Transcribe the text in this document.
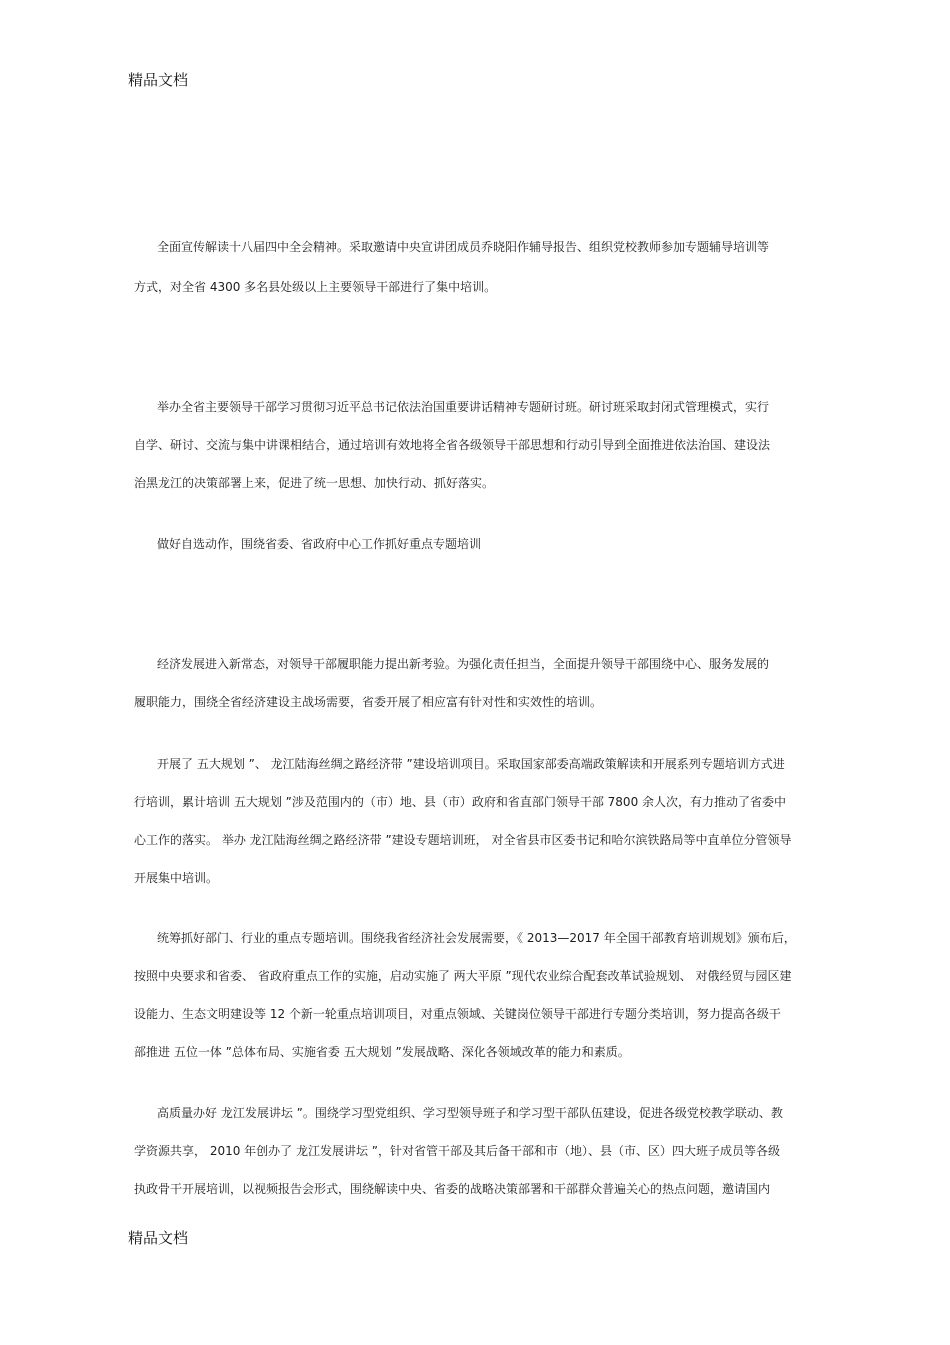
精品文档
全面宣传解读十八届四中全会精神。采取邀请中央宣讲团成员乔晓阳作辅导报告、组织党校教师参加专题辅导培训等
方式，对全省 4300 多名县处级以上主要领导干部进行了集中培训。
举办全省主要领导干部学习贯彻习近平总书记依法治国重要讲话精神专题研讨班。研讨班采取封闭式管理模式，实行
自学、研讨、交流与集中讲课相结合，通过培训有效地将全省各级领导干部思想和行动引导到全面推进依法治国、建设法
治黑龙江的决策部署上来，促进了统一思想、加快行动、抓好落实。
做好自选动作，围绕省委、省政府中心工作抓好重点专题培训
经济发展进入新常态，对领导干部履职能力提出新考验。为强化责任担当，全面提升领导干部围绕中心、服务发展的
履职能力，围绕全省经济建设主战场需要，省委开展了相应富有针对性和实效性的培训。
开展了 五大规划 ”、 龙江陆海丝绸之路经济带 ”建设培训项目。采取国家部委高端政策解读和开展系列专题培训方式进
行培训，累计培训 五大规划 ”涉及范围内的（市）地、县（市）政府和省直部门领导干部 7800 余人次，有力推动了省委中
心工作的落实。 举办 龙江陆海丝绸之路经济带 ”建设专题培训班， 对全省县市区委书记和哈尔滨铁路局等中直单位分管领导
开展集中培训。
统筹抓好部门、行业的重点专题培训。围绕我省经济社会发展需要，《 2013—2017 年全国干部教育培训规划》颁布后，
按照中央要求和省委、 省政府重点工作的实施，启动实施了 两大平原 ”现代农业综合配套改革试验规划、 对俄经贸与园区建
设能力、生态文明建设等 12 个新一轮重点培训项目，对重点领域、关键岗位领导干部进行专题分类培训，努力提高各级干
部推进 五位一体 ”总体布局、实施省委 五大规划 ”发展战略、深化各领域改革的能力和素质。
高质量办好 龙江发展讲坛 ”。围绕学习型党组织、学习型领导班子和学习型干部队伍建设，促进各级党校教学联动、教
学资源共享， 2010 年创办了 龙江发展讲坛 ”，针对省管干部及其后备干部和市（地）、县（市、区）四大班子成员等各级
执政骨干开展培训，以视频报告会形式，围绕解读中央、省委的战略决策部署和干部群众普遍关心的热点问题，邀请国内
精品文档
